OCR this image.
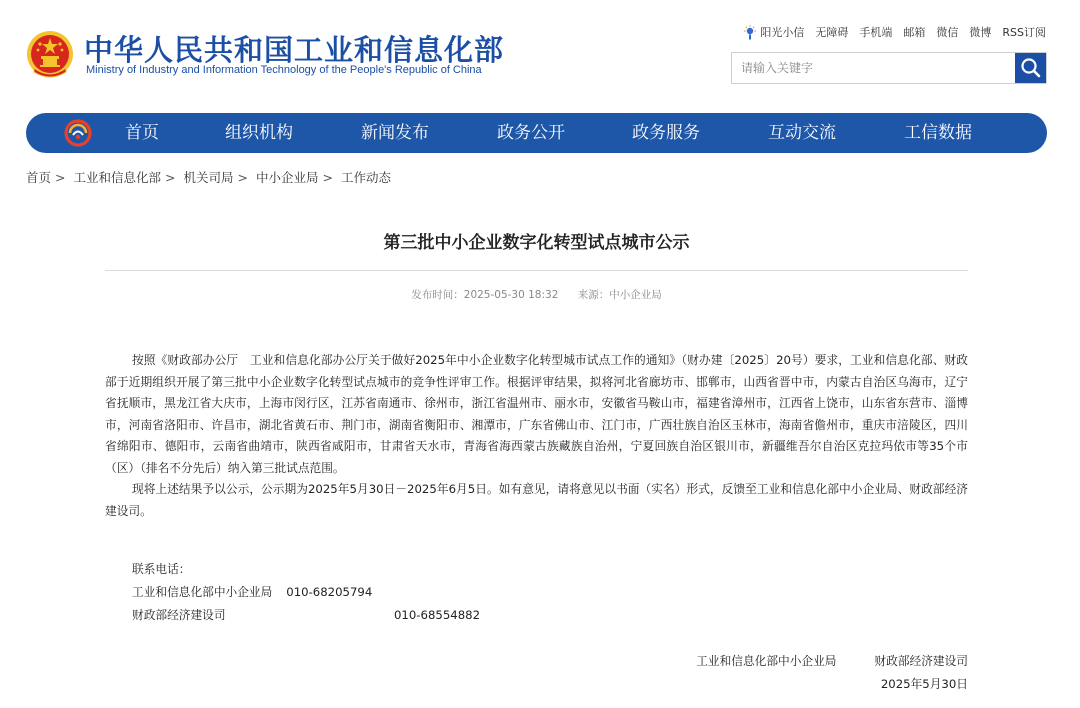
中华人民共和国工业和信息化部
Ministry of Industry and Information Technology of the People's Republic of China
阳光小信 无障碍 手机端 邮箱 微信 微博 RSS订阅
请输入关键字
首页	组织机构	新闻发布	政务公开	政务服务	互动交流	工信数据
首页 > 工业和信息化部 > 机关司局 > 中小企业局 > 工作动态
第三批中小企业数字化转型试点城市公示
发布时间：2025-05-30 18:32 来源：中小企业局

按照《财政部办公厅　工业和信息化部办公厅关于做好2025年中小企业数字化转型城市试点工作的通知》（财办建〔2025〕20号）要求，工业和信息化部、财政部于近期组织开展了第三批中小企业数字化转型试点城市的竞争性评审工作。根据评审结果，拟将河北省廊坊市、邯郸市，山西省晋中市，内蒙古自治区乌海市，辽宁省抚顺市，黑龙江省大庆市，上海市闵行区，江苏省南通市、徐州市，浙江省温州市、丽水市，安徽省马鞍山市，福建省漳州市，江西省上饶市，山东省东营市、淄博市，河南省洛阳市、许昌市，湖北省黄石市、荆门市，湖南省衡阳市、湘潭市，广东省佛山市、江门市，广西壮族自治区玉林市，海南省儋州市，重庆市涪陵区，四川省绵阳市、德阳市，云南省曲靖市，陕西省咸阳市，甘肃省天水市，青海省海西蒙古族藏族自治州，宁夏回族自治区银川市，新疆维吾尔自治区克拉玛依市等35个市（区）（排名不分先后）纳入第三批试点范围。

现将上述结果予以公示，公示期为2025年5月30日－2025年6月5日。如有意见，请将意见以书面（实名）形式，反馈至工业和信息化部中小企业局、财政部经济建设司。

联系电话：
工业和信息化部中小企业局 010-68205794
财政部经济建设司	010-68554882
工业和信息化部中小企业局	财政部经济建设司
2025年5月30日
